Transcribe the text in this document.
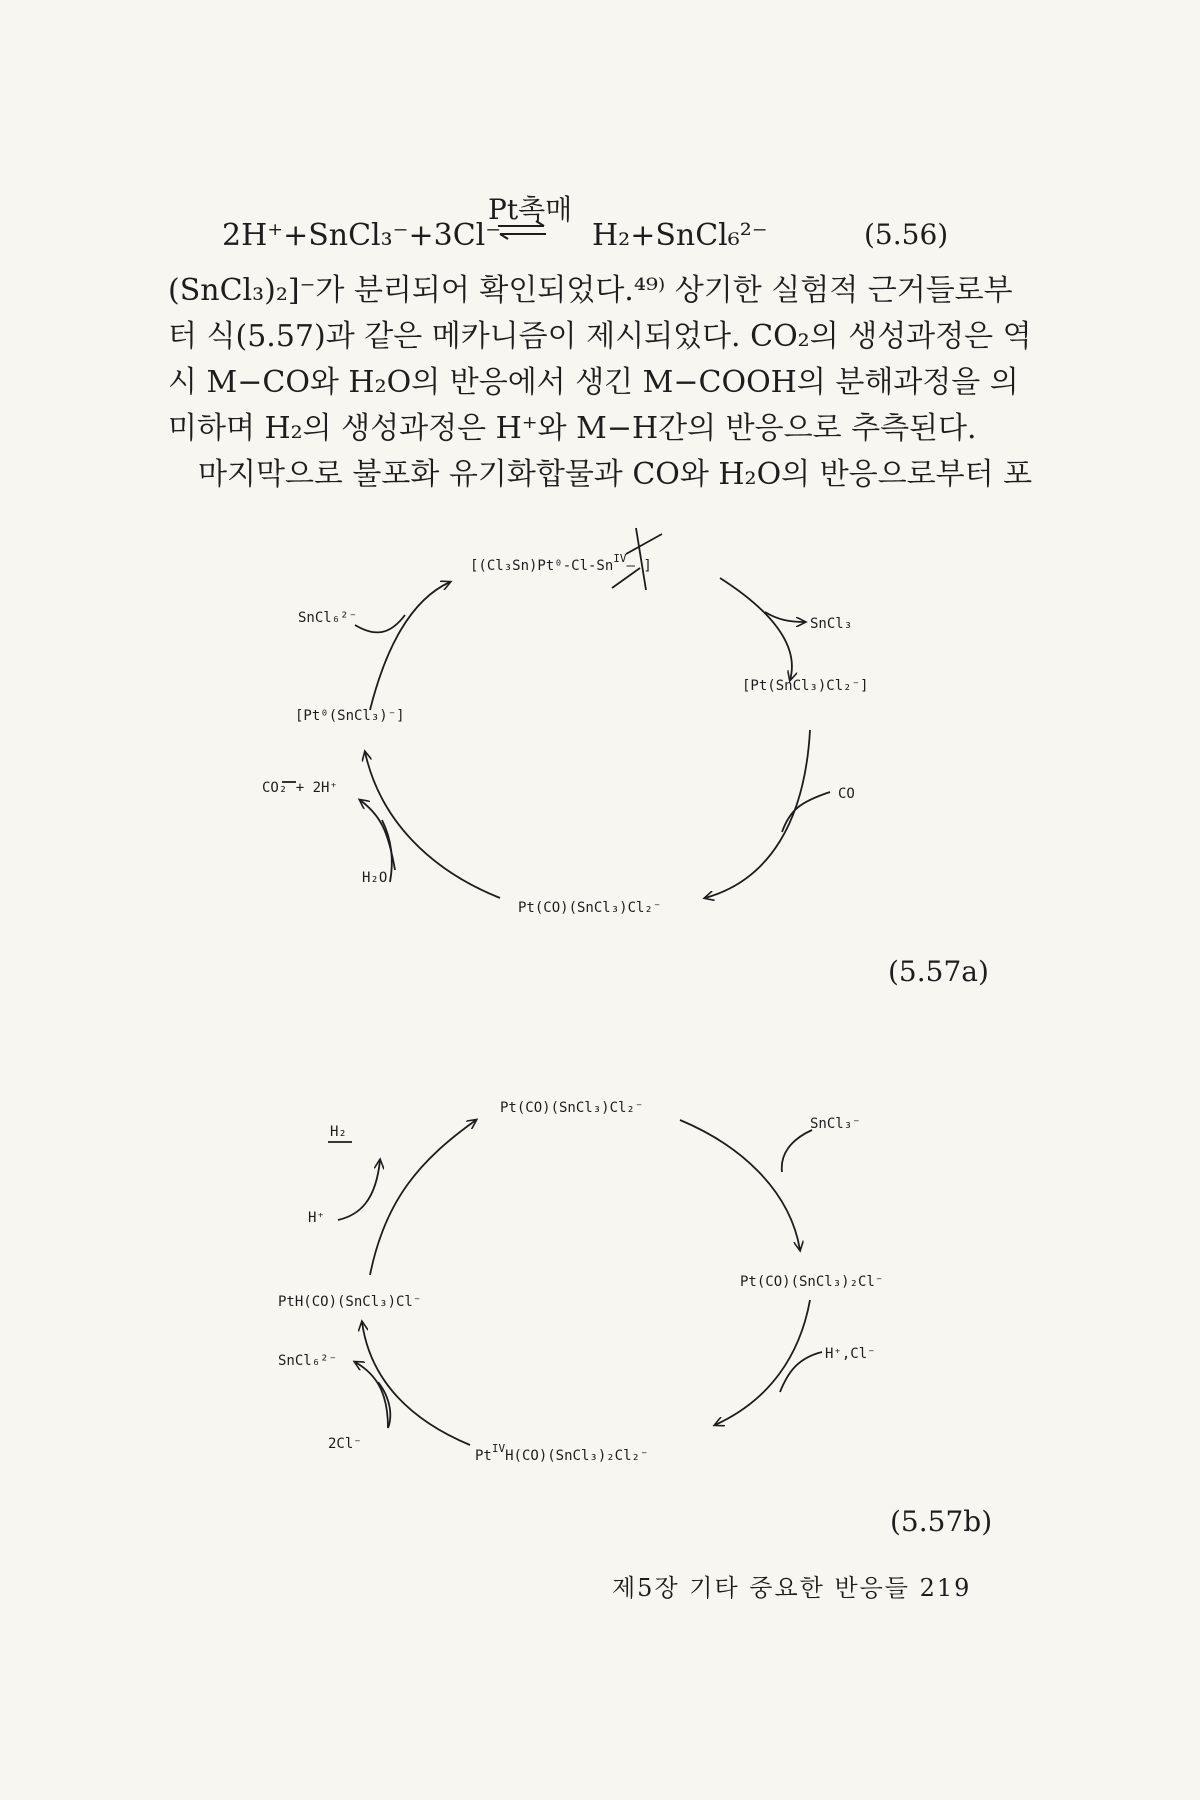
Pt촉매
2H⁺+SnCl₃⁻+3Cl⁻	H₂+SnCl₆²⁻	(5.56)

(SnCl₃)₂]⁻가 분리되어 확인되었다.⁴⁹⁾ 상기한 실험적 근거들로부

터 식(5.57)과 같은 메카니즘이 제시되었다. CO₂의 생성과정은 역

시 M−CO와 H₂O의 반응에서 생긴 M−COOH의 분해과정을 의

미하며 H₂의 생성과정은 H⁺와 M−H간의 반응으로 추측된다.

마지막으로 불포화 유기화합물과 CO와 H₂O의 반응으로부터 포

[$(Cl_3Sn)Pt^0-Cl-Sn^{IV}—$ ]
SnCl₃
[Pt(SnCl₃)Cl₂⁻]
CO
Pt(CO)(SnCl₃)Cl₂⁻
H₂O
CO₂ + 2H⁺
[Pt⁰(SnCl₃)⁻]
SnCl₆²⁻
(5.57a)
Pt(CO)(SnCl₃)Cl₂⁻
SnCl₃⁻
Pt(CO)(SnCl₃)₂Cl⁻
H⁺,Cl⁻
$Pt^{IV}H(CO)(SnCl_3)_2Cl_2^-$
2Cl⁻
SnCl₆²⁻
PtH(CO)(SnCl₃)Cl⁻
H⁺
H₂
(5.57b)
제5장 기타 중요한 반응들 219
